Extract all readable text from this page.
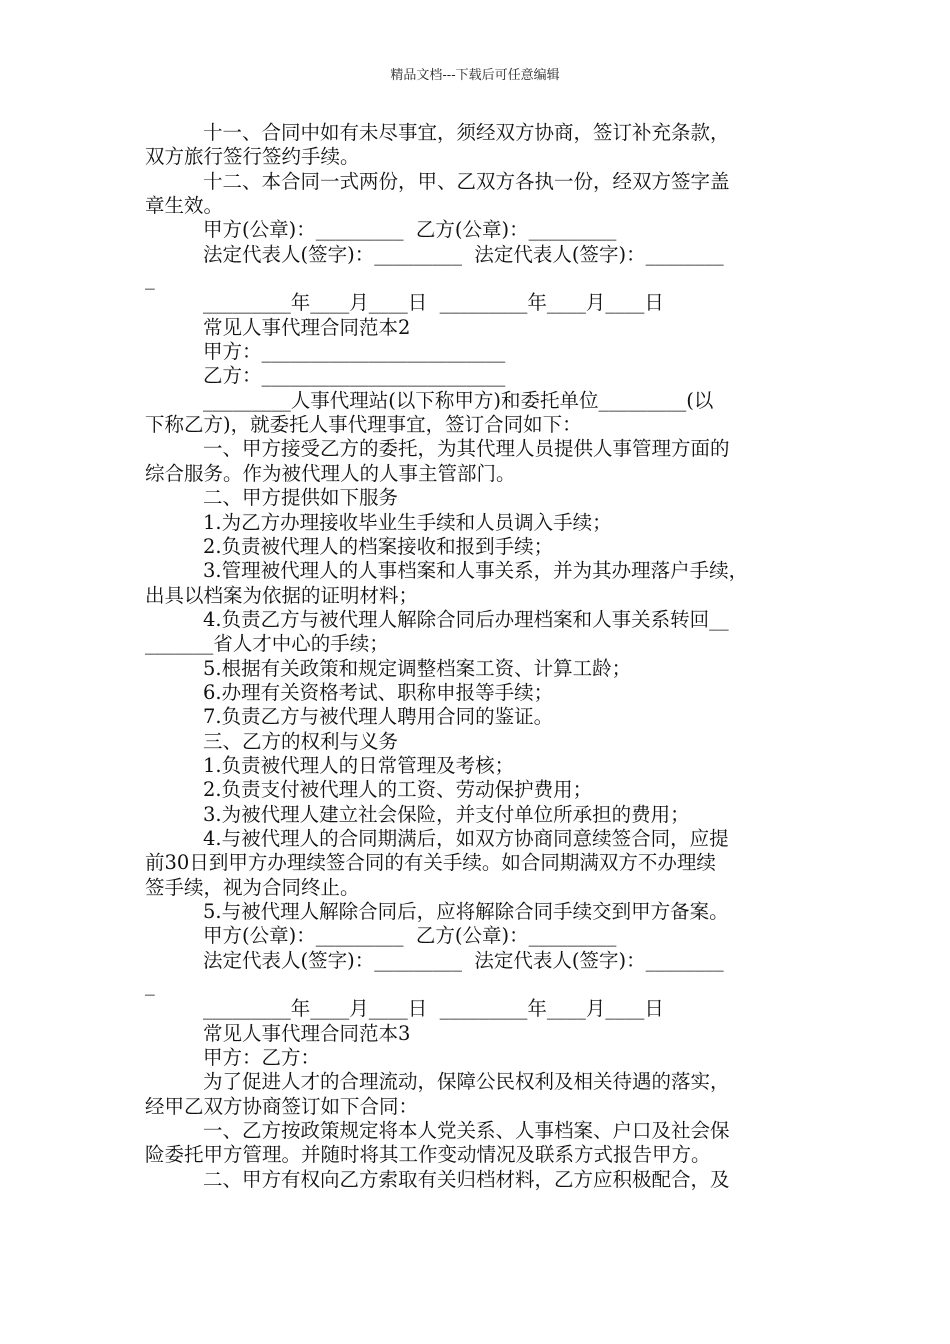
精品文档---下载后可任意编辑
十一、合同中如有未尽事宜，须经双方协商，签订补充条款，
双方旅行签行签约手续。
十二、本合同一式两份，甲、乙双方各执一份，经双方签字盖
章生效。
甲方(公章)：_________  乙方(公章)：_________
法定代表人(签字)：_________  法定代表人(签字)：________
_
_________年____月____日  _________年____月____日
常见人事代理合同范本2
甲方：_________________________
乙方：_________________________
_________人事代理站(以下称甲方)和委托单位_________(以
下称乙方)，就委托人事代理事宜，签订合同如下：
一、甲方接受乙方的委托，为其代理人员提供人事管理方面的
综合服务。作为被代理人的人事主管部门。
二、甲方提供如下服务
1.为乙方办理接收毕业生手续和人员调入手续；
2.负责被代理人的档案接收和报到手续；
3.管理被代理人的人事档案和人事关系，并为其办理落户手续，
出具以档案为依据的证明材料；
4.负责乙方与被代理人解除合同后办理档案和人事关系转回__
_______省人才中心的手续；
5.根据有关政策和规定调整档案工资、计算工龄；
6.办理有关资格考试、职称申报等手续；
7.负责乙方与被代理人聘用合同的鉴证。
三、乙方的权利与义务
1.负责被代理人的日常管理及考核；
2.负责支付被代理人的工资、劳动保护费用；
3.为被代理人建立社会保险，并支付单位所承担的费用；
4.与被代理人的合同期满后，如双方协商同意续签合同，应提
前30日到甲方办理续签合同的有关手续。如合同期满双方不办理续
签手续，视为合同终止。
5.与被代理人解除合同后，应将解除合同手续交到甲方备案。
甲方(公章)：_________  乙方(公章)：_________
法定代表人(签字)：_________  法定代表人(签字)：________
_
_________年____月____日  _________年____月____日
常见人事代理合同范本3
甲方：乙方：
为了促进人才的合理流动，保障公民权利及相关待遇的落实，
经甲乙双方协商签订如下合同：
一、乙方按政策规定将本人党关系、人事档案、户口及社会保
险委托甲方管理。并随时将其工作变动情况及联系方式报告甲方。
二、甲方有权向乙方索取有关归档材料，乙方应积极配合，及
